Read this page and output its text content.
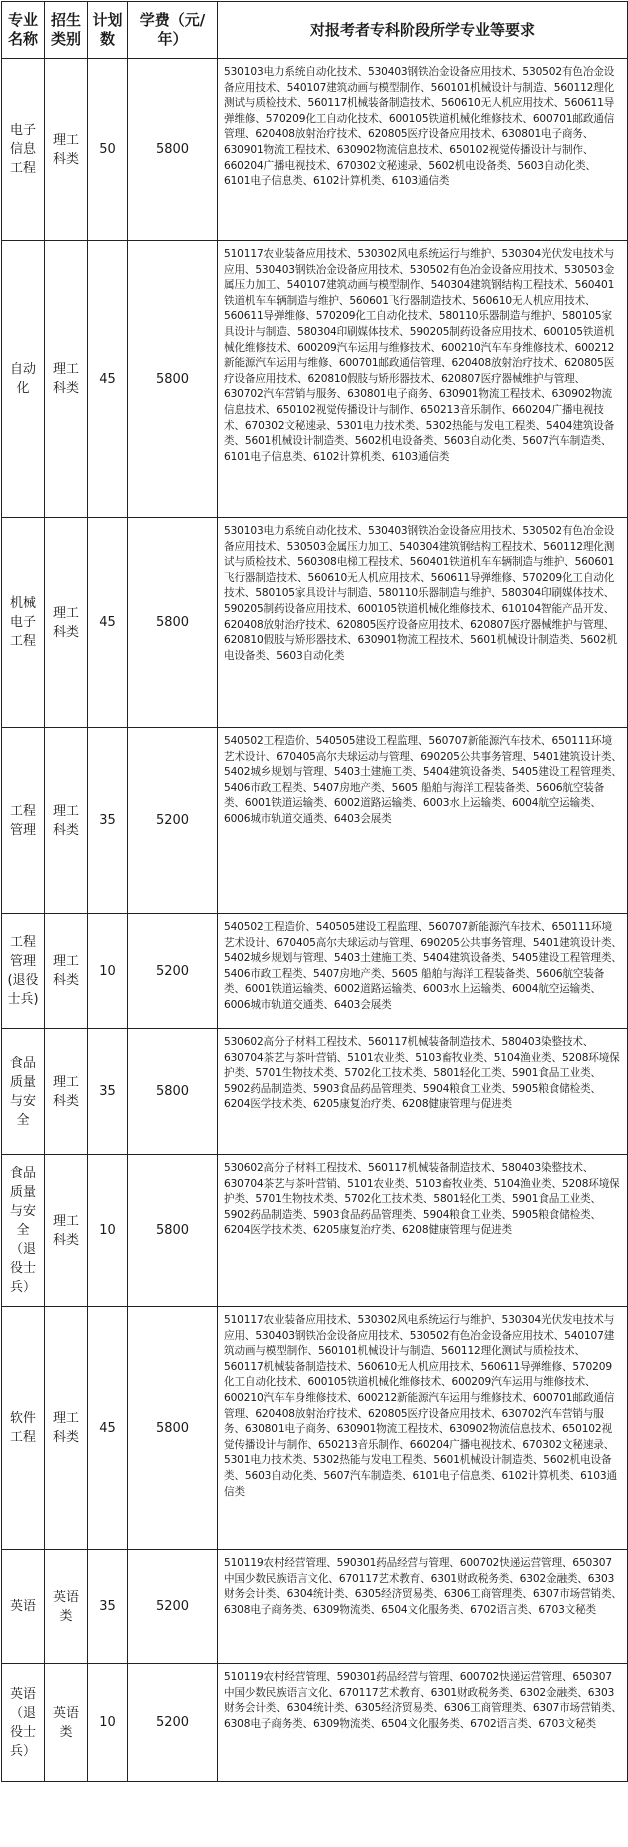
专业名称	招生类别	计划数	学费（元/年）	对报考者专科阶段所学专业等要求
电子信息工程	理工科类	50	5800	530103电力系统自动化技术、530403钢铁冶金设备应用技术、530502有色冶金设备应用技术、540107建筑动画与模型制作、560101机械设计与制造、560112理化测试与质检技术、560117机械装备制造技术、560610无人机应用技术、560611导弹维修、570209化工自动化技术、600105铁道机械化维修技术、600701邮政通信管理、620408放射治疗技术、620805医疗设备应用技术、630801电子商务、630901物流工程技术、630902物流信息技术、650102视觉传播设计与制作、660204广播电视技术、670302文秘速录、5602机电设备类、5603自动化类、6101电子信息类、6102计算机类、6103通信类
自动化	理工科类	45	5800	510117农业装备应用技术、530302风电系统运行与维护、530304光伏发电技术与应用、530403钢铁冶金设备应用技术、530502有色冶金设备应用技术、530503金属压力加工、540107建筑动画与模型制作、540304建筑钢结构工程技术、560401铁道机车车辆制造与维护、560601飞行器制造技术、560610无人机应用技术、560611导弹维修、570209化工自动化技术、580110乐器制造与维护、580105家具设计与制造、580304印刷媒体技术、590205制药设备应用技术、600105铁道机械化维修技术、600209汽车运用与维修技术、600210汽车车身维修技术、600212新能源汽车运用与维修、600701邮政通信管理、620408放射治疗技术、620805医疗设备应用技术、620810假肢与矫形器技术、620807医疗器械维护与管理、630702汽车营销与服务、630801电子商务、630901物流工程技术、630902物流信息技术、650102视觉传播设计与制作、650213音乐制作、660204广播电视技术、670302文秘速录、5301电力技术类、5302热能与发电工程类、5404建筑设备类、5601机械设计制造类、5602机电设备类、5603自动化类、5607汽车制造类、6101电子信息类、6102计算机类、6103通信类
机械电子工程	理工科类	45	5800	530103电力系统自动化技术、530403钢铁冶金设备应用技术、530502有色冶金设备应用技术、530503金属压力加工、540304建筑钢结构工程技术、560112理化测试与质检技术、560308电梯工程技术、560401铁道机车车辆制造与维护、560601飞行器制造技术、560610无人机应用技术、560611导弹维修、570209化工自动化技术、580105家具设计与制造、580110乐器制造与维护、580304印刷媒体技术、590205制药设备应用技术、600105铁道机械化维修技术、610104智能产品开发、620408放射治疗技术、620805医疗设备应用技术、620807医疗器械维护与管理、620810假肢与矫形器技术、630901物流工程技术、5601机械设计制造类、5602机电设备类、5603自动化类
工程管理	理工科类	35	5200	540502工程造价、540505建设工程监理、560707新能源汽车技术、650111环境艺术设计、670405高尔夫球运动与管理、690205公共事务管理、5401建筑设计类、5402城乡规划与管理、5403土建施工类、5404建筑设备类、5405建设工程管理类、5406市政工程类、5407房地产类、5605 船舶与海洋工程装备类、5606航空装备类、6001铁道运输类、6002道路运输类、6003水上运输类、6004航空运输类、6006城市轨道交通类、6403会展类
工程管理(退役士兵)	理工科类	10	5200	540502工程造价、540505建设工程监理、560707新能源汽车技术、650111环境艺术设计、670405高尔夫球运动与管理、690205公共事务管理、5401建筑设计类、5402城乡规划与管理、5403土建施工类、5404建筑设备类、5405建设工程管理类、5406市政工程类、5407房地产类、5605 船舶与海洋工程装备类、5606航空装备类、6001铁道运输类、6002道路运输类、6003水上运输类、6004航空运输类、6006城市轨道交通类、6403会展类
食品质量与安全	理工科类	35	5800	530602高分子材料工程技术、560117机械装备制造技术、580403染整技术、630704茶艺与茶叶营销、5101农业类、5103畜牧业类、5104渔业类、5208环境保护类、5701生物技术类、5702化工技术类、5801轻化工类、5901食品工业类、5902药品制造类、5903食品药品管理类、5904粮食工业类、5905粮食储检类、6204医学技术类、6205康复治疗类、6208健康管理与促进类
食品质量与安全（退役士兵）	理工科类	10	5800	530602高分子材料工程技术、560117机械装备制造技术、580403染整技术、630704茶艺与茶叶营销、5101农业类、5103畜牧业类、5104渔业类、5208环境保护类、5701生物技术类、5702化工技术类、5801轻化工类、5901食品工业类、5902药品制造类、5903食品药品管理类、5904粮食工业类、5905粮食储检类、6204医学技术类、6205康复治疗类、6208健康管理与促进类
软件工程	理工科类	45	5800	510117农业装备应用技术、530302风电系统运行与维护、530304光伏发电技术与应用、530403钢铁冶金设备应用技术、530502有色冶金设备应用技术、540107建筑动画与模型制作、560101机械设计与制造、560112理化测试与质检技术、560117机械装备制造技术、560610无人机应用技术、560611导弹维修、570209化工自动化技术、600105铁道机械化维修技术、600209汽车运用与维修技术、600210汽车车身维修技术、600212新能源汽车运用与维修技术、600701邮政通信管理、620408放射治疗技术、620805医疗设备应用技术、630702汽车营销与服务、630801电子商务、630901物流工程技术、630902物流信息技术、650102视觉传播设计与制作、650213音乐制作、660204广播电视技术、670302文秘速录、5301电力技术类、5302热能与发电工程类、5601机械设计制造类、5602机电设备类、5603自动化类、5607汽车制造类、6101电子信息类、6102计算机类、6103通信类
英语	英语类	35	5200	510119农村经营管理、590301药品经营与管理、600702快递运营管理、650307中国少数民族语言文化、670117艺术教育、6301财政税务类、6302金融类、6303财务会计类、6304统计类、6305经济贸易类、6306工商管理类、6307市场营销类、6308电子商务类、6309物流类、6504文化服务类、6702语言类、6703文秘类
英语（退役士兵）	英语类	10	5200	510119农村经营管理、590301药品经营与管理、600702快递运营管理、650307中国少数民族语言文化、670117艺术教育、6301财政税务类、6302金融类、6303财务会计类、6304统计类、6305经济贸易类、6306工商管理类、6307市场营销类、6308电子商务类、6309物流类、6504文化服务类、6702语言类、6703文秘类
